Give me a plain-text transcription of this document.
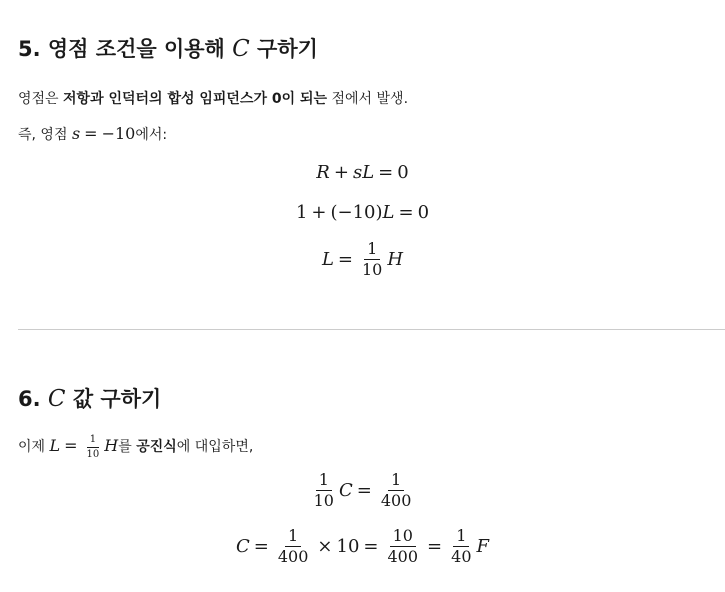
5. 영점 조건을 이용해 C 구하기

영점은 저항과 인덕터의 합성 임피던스가 0이 되는 점에서 발생.

즉, 영점 s = −10에서:

R + sL = 0
1 + (−10)L = 0
$L = \frac{1}{10}$ H
6. C 값 구하기

이제 $L = \frac{1}{10}$ H를 공진식에 대입하면,

$\frac{1}{10}$ $C = \frac{1}{400}$
$C = \frac{1}{400} \times 10 = \frac{10}{400} = \frac{1}{40}$ F
